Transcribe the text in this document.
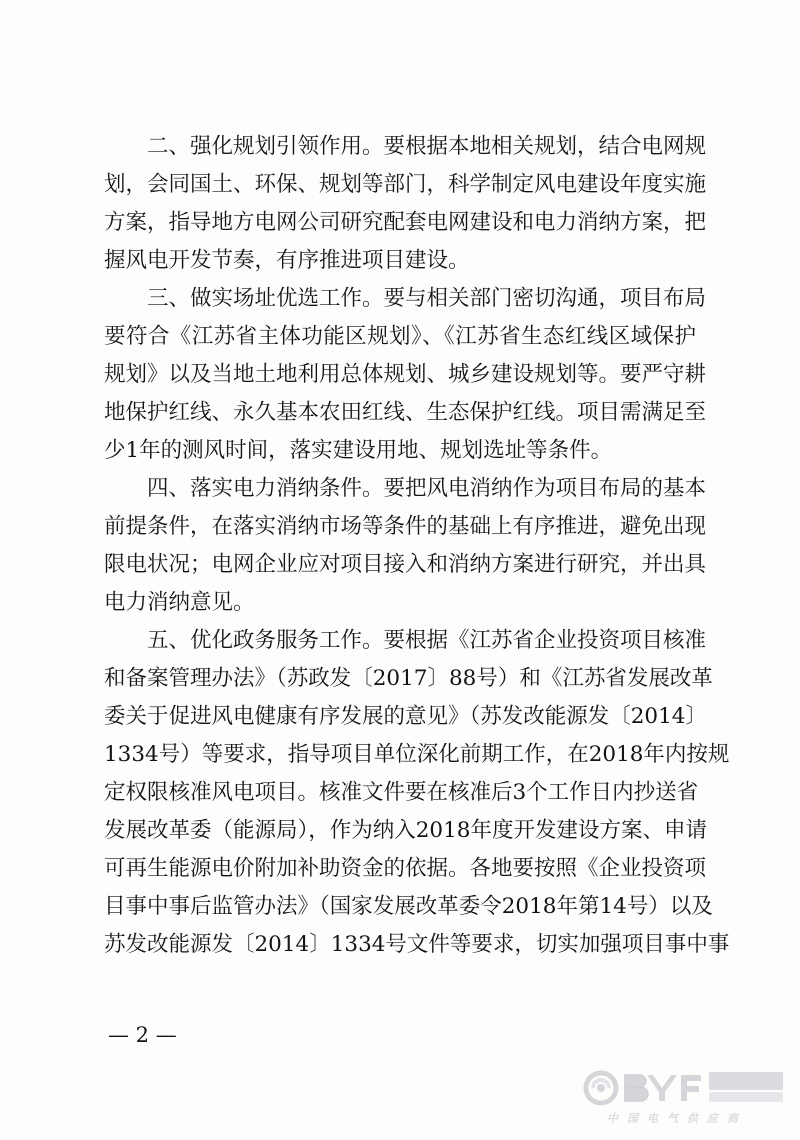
二、强化规划引领作用。要根据本地相关规划，结合电网规
划，会同国土、环保、规划等部门，科学制定风电建设年度实施
方案，指导地方电网公司研究配套电网建设和电力消纳方案，把
握风电开发节奏，有序推进项目建设。
三、做实场址优选工作。要与相关部门密切沟通，项目布局
要符合《江苏省主体功能区规划》、《江苏省生态红线区域保护
规划》以及当地土地利用总体规划、城乡建设规划等。要严守耕
地保护红线、永久基本农田红线、生态保护红线。项目需满足至
少1年的测风时间，落实建设用地、规划选址等条件。
四、落实电力消纳条件。要把风电消纳作为项目布局的基本
前提条件，在落实消纳市场等条件的基础上有序推进，避免出现
限电状况；电网企业应对项目接入和消纳方案进行研究，并出具
电力消纳意见。
五、优化政务服务工作。要根据《江苏省企业投资项目核准
和备案管理办法》（苏政发〔2017〕88号）和《江苏省发展改革
委关于促进风电健康有序发展的意见》（苏发改能源发〔2014〕
1334号）等要求，指导项目单位深化前期工作，在2018年内按规
定权限核准风电项目。核准文件要在核准后3个工作日内抄送省
发展改革委（能源局），作为纳入2018年度开发建设方案、申请
可再生能源电价附加补助资金的依据。各地要按照《企业投资项
目事中事后监管办法》（国家发展改革委令2018年第14号）以及
苏发改能源发〔2014〕1334号文件等要求，切实加强项目事中事
— 2 —
中国电气供应商
